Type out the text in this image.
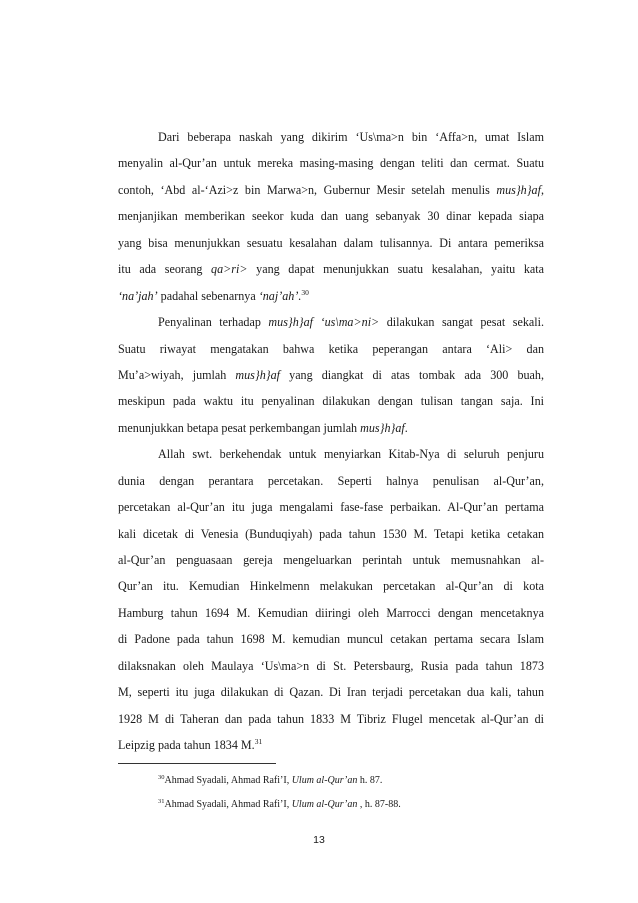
Dari beberapa naskah yang dikirim ‘Us\ma>n bin ‘Affa>n, umat Islam
menyalin al-Qur’an untuk mereka masing-masing dengan teliti dan cermat. Suatu
contoh, ‘Abd al-‘Azi>z bin Marwa>n, Gubernur Mesir setelah menulis mus}h}af,
menjanjikan memberikan seekor kuda dan uang sebanyak 30 dinar kepada siapa
yang bisa menunjukkan sesuatu kesalahan dalam tulisannya. Di antara pemeriksa
itu ada seorang qa>ri> yang dapat menunjukkan suatu kesalahan, yaitu kata
‘na’jah’ padahal sebenarnya ‘naj’ah’.$^{30}$
Penyalinan terhadap mus}h}af ‘us\ma>ni> dilakukan sangat pesat sekali.
Suatu riwayat mengatakan bahwa ketika peperangan antara ‘Ali> dan
Mu’a>wiyah, jumlah mus}h}af yang diangkat di atas tombak ada 300 buah,
meskipun pada waktu itu penyalinan dilakukan dengan tulisan tangan saja. Ini
menunjukkan betapa pesat perkembangan jumlah mus}h}af.
Allah swt. berkehendak untuk menyiarkan Kitab-Nya di seluruh penjuru
dunia dengan perantara percetakan. Seperti halnya penulisan al-Qur’an,
percetakan al-Qur’an itu juga mengalami fase-fase perbaikan. Al-Qur’an pertama
kali dicetak di Venesia (Bunduqiyah) pada tahun 1530 M. Tetapi ketika cetakan
al-Qur’an penguasaan gereja mengeluarkan perintah untuk memusnahkan al-
Qur’an itu. Kemudian Hinkelmenn melakukan percetakan al-Qur’an di kota
Hamburg tahun 1694 M. Kemudian diiringi oleh Marrocci dengan mencetaknya
di Padone pada tahun 1698 M. kemudian muncul cetakan pertama secara Islam
dilaksnakan oleh Maulaya ‘Us\ma>n di St. Petersbaurg, Rusia pada tahun 1873
M, seperti itu juga dilakukan di Qazan. Di Iran terjadi percetakan dua kali, tahun
1928 M di Taheran dan pada tahun 1833 M Tibriz Flugel mencetak al-Qur’an di
Leipzig pada tahun 1834 M.$^{31}$
$^{30}$Ahmad Syadali, Ahmad Rafi’I, Ulum al-Qur’an h. 87.
$^{31}$Ahmad Syadali, Ahmad Rafi’I, Ulum al-Qur’an , h. 87-88.
13
